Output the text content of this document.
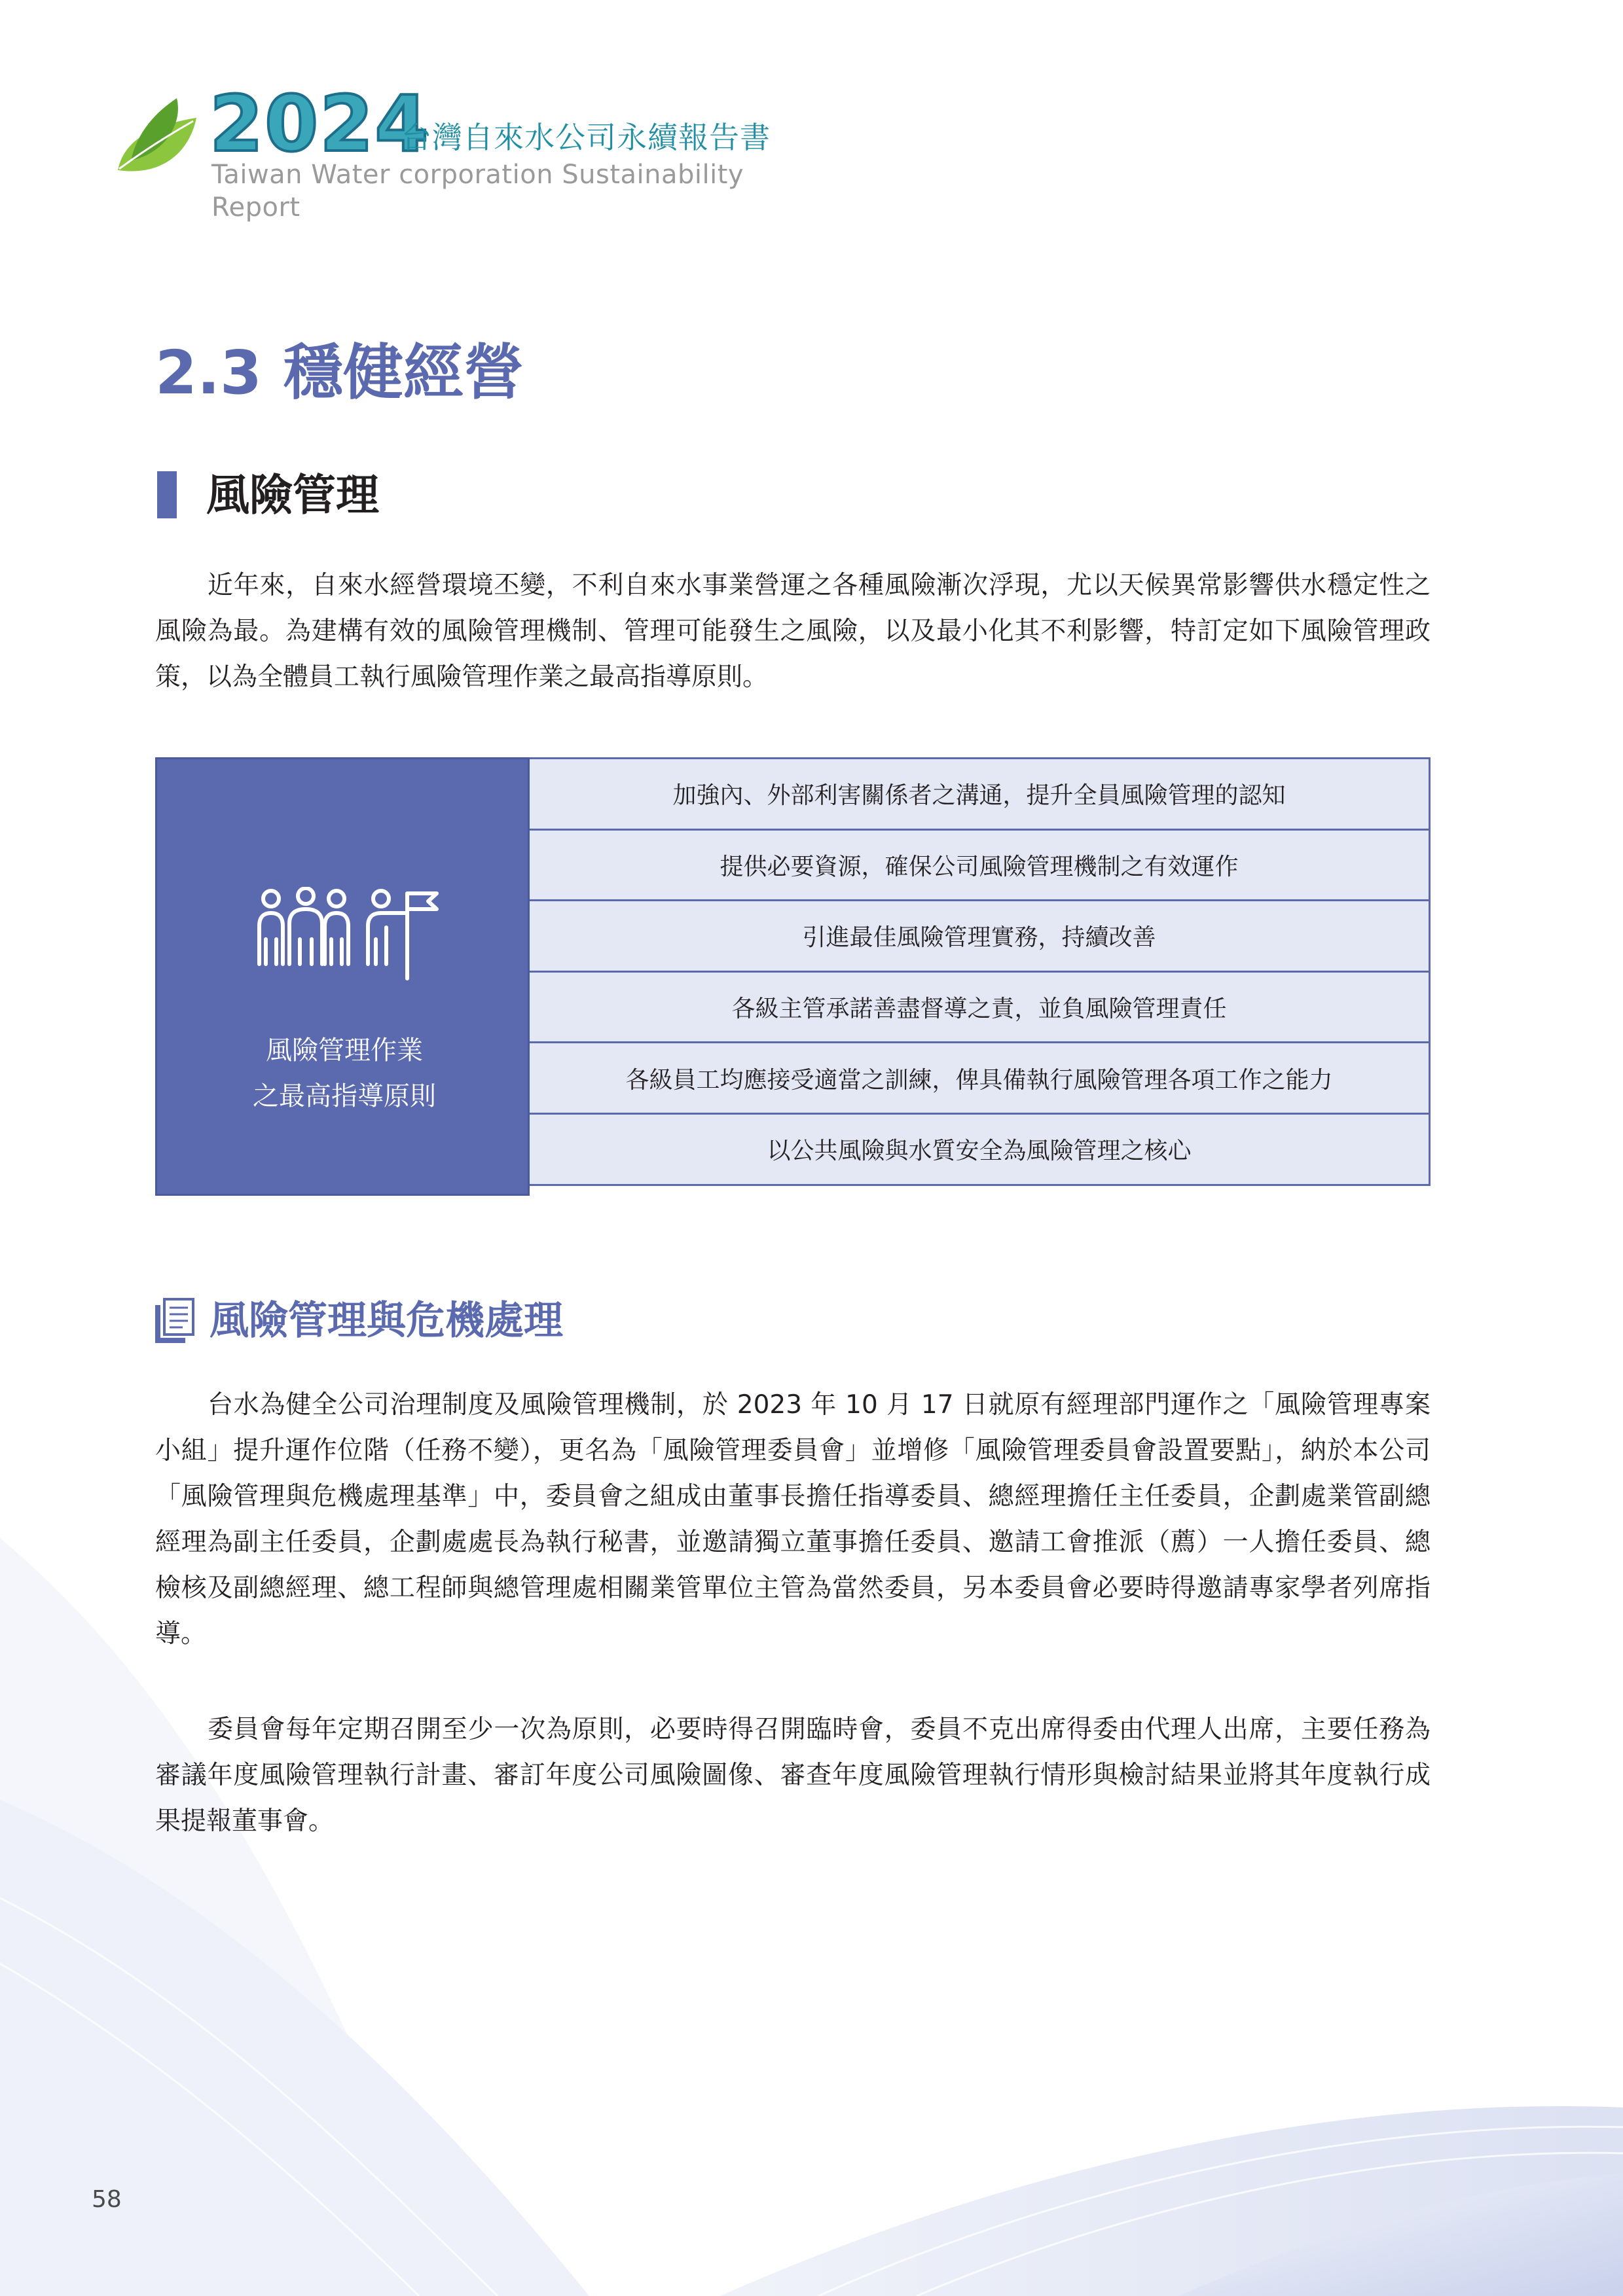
2024
台灣自來水公司永續報告書
Taiwan Water corporation Sustainability Report
2.3 穩健經營
風險管理

近年來，自來水經營環境丕變，不利自來水事業營運之各種風險漸次浮現，尤以天候異常影響供水穩定性之風險為最。為建構有效的風險管理機制、管理可能發生之風險，以及最小化其不利影響，特訂定如下風險管理政策，以為全體員工執行風險管理作業之最高指導原則。

風險管理作業
之最高指導原則
加強內、外部利害關係者之溝通，提升全員風險管理的認知
提供必要資源，確保公司風險管理機制之有效運作
引進最佳風險管理實務，持續改善
各級主管承諾善盡督導之責，並負風險管理責任
各級員工均應接受適當之訓練，俾具備執行風險管理各項工作之能力
以公共風險與水質安全為風險管理之核心
風險管理與危機處理

台水為健全公司治理制度及風險管理機制，於 2023 年 10 月 17 日就原有經理部門運作之「風險管理專案小組」提升運作位階（任務不變），更名為「風險管理委員會」並增修「風險管理委員會設置要點」，納於本公司「風險管理與危機處理基準」中，委員會之組成由董事長擔任指導委員、總經理擔任主任委員，企劃處業管副總經理為副主任委員，企劃處處長為執行秘書，並邀請獨立董事擔任委員、邀請工會推派（薦）一人擔任委員、總檢核及副總經理、總工程師與總管理處相關業管單位主管為當然委員，另本委員會必要時得邀請專家學者列席指導。

委員會每年定期召開至少一次為原則，必要時得召開臨時會，委員不克出席得委由代理人出席，主要任務為審議年度風險管理執行計畫、審訂年度公司風險圖像、審查年度風險管理執行情形與檢討結果並將其年度執行成果提報董事會。

58
